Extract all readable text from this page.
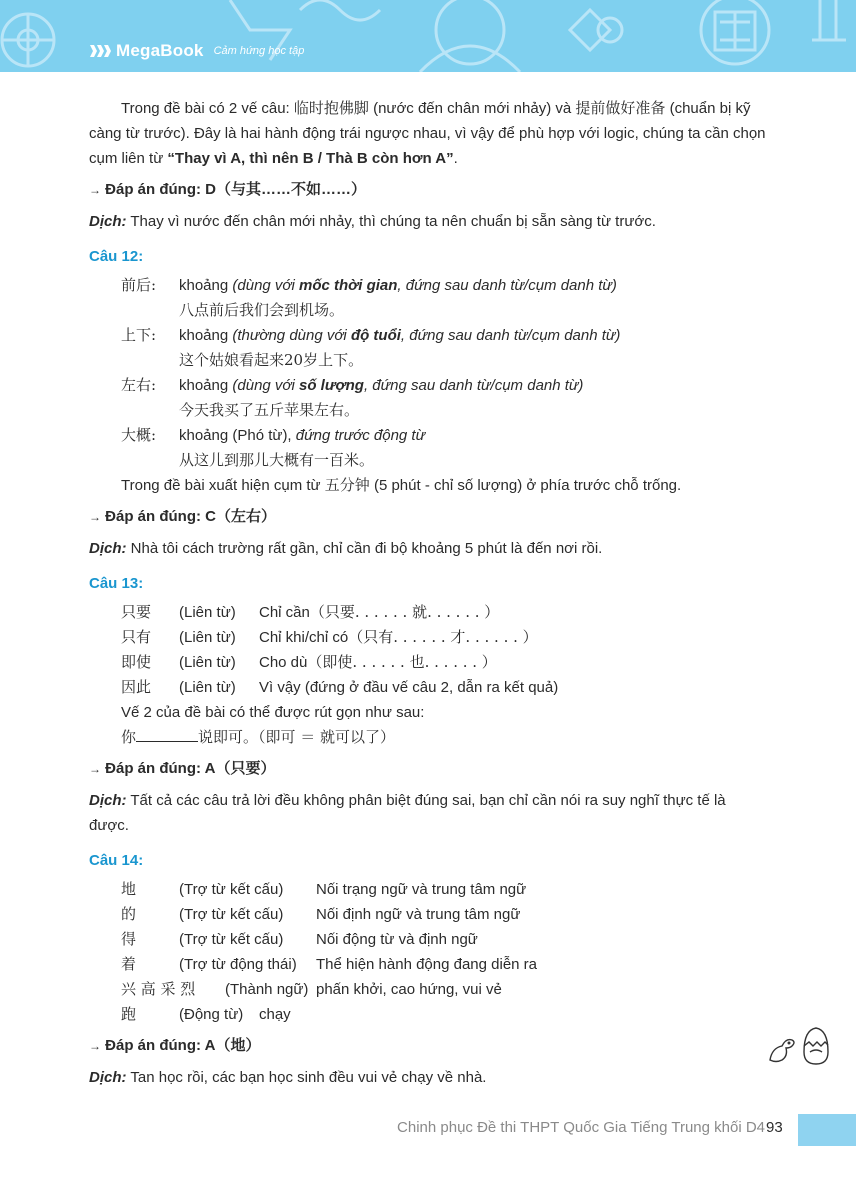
MegaBook Cảm hứng học tập

Trong đề bài có 2 vế câu: 临时抱佛脚 (nước đến chân mới nhảy) và 提前做好准备 (chuẩn bị kỹ càng từ trước). Đây là hai hành động trái ngược nhau, vì vậy để phù hợp với logic, chúng ta cần chọn cụm liên từ “Thay vì A, thì nên B / Thà B còn hơn A”.

→ Đáp án đúng: D（与其……不如……）

Dịch: Thay vì nước đến chân mới nhảy, thì chúng ta nên chuẩn bị sẵn sàng từ trước.

Câu 12:

前后:	khoảng (dùng với mốc thời gian, đứng sau danh từ/cụm danh từ)
八点前后我们会到机场。
上下:	khoảng (thường dùng với độ tuổi, đứng sau danh từ/cụm danh từ)
这个姑娘看起来20岁上下。
左右:	khoảng (dùng với số lượng, đứng sau danh từ/cụm danh từ)
今天我买了五斤苹果左右。
大概:	khoảng (Phó từ), đứng trước động từ
从这儿到那儿大概有一百米。

Trong đề bài xuất hiện cụm từ 五分钟 (5 phút - chỉ số lượng) ở phía trước chỗ trống.

→ Đáp án đúng: C（左右）

Dịch: Nhà tôi cách trường rất gần, chỉ cần đi bộ khoảng 5 phút là đến nơi rồi.

Câu 13:

只要	(Liên từ)	Chỉ cần（只要. . . . . . 就. . . . . . ）
只有	(Liên từ)	Chỉ khi/chỉ có（只有. . . . . . 才. . . . . . ）
即使	(Liên từ)	Cho dù（即使. . . . . . 也. . . . . . ）
因此	(Liên từ)	Vì vậy (đứng ở đầu vế câu 2, dẫn ra kết quả)

Vế 2 của đề bài có thể được rút gọn như sau:

你	说即可。（即可 ＝ 就可以了）

→ Đáp án đúng: A（只要）

Dịch: Tất cả các câu trả lời đều không phân biệt đúng sai, bạn chỉ cần nói ra suy nghĩ thực tế là được.

Câu 14:

地	(Trợ từ kết cấu)	Nối trạng ngữ và trung tâm ngữ
的	(Trợ từ kết cấu)	Nối định ngữ và trung tâm ngữ
得	(Trợ từ kết cấu)	Nối động từ và định ngữ
着	(Trợ từ động thái)	Thể hiện hành động đang diễn ra
兴 高 采 烈	(Thành ngữ) phấn khởi, cao hứng, vui vẻ
跑	(Động từ)	chạy

→ Đáp án đúng: A（地）

Dịch: Tan học rồi, các bạn học sinh đều vui vẻ chạy về nhà.

Chinh phục Đề thi THPT Quốc Gia Tiếng Trung khối D4 93
